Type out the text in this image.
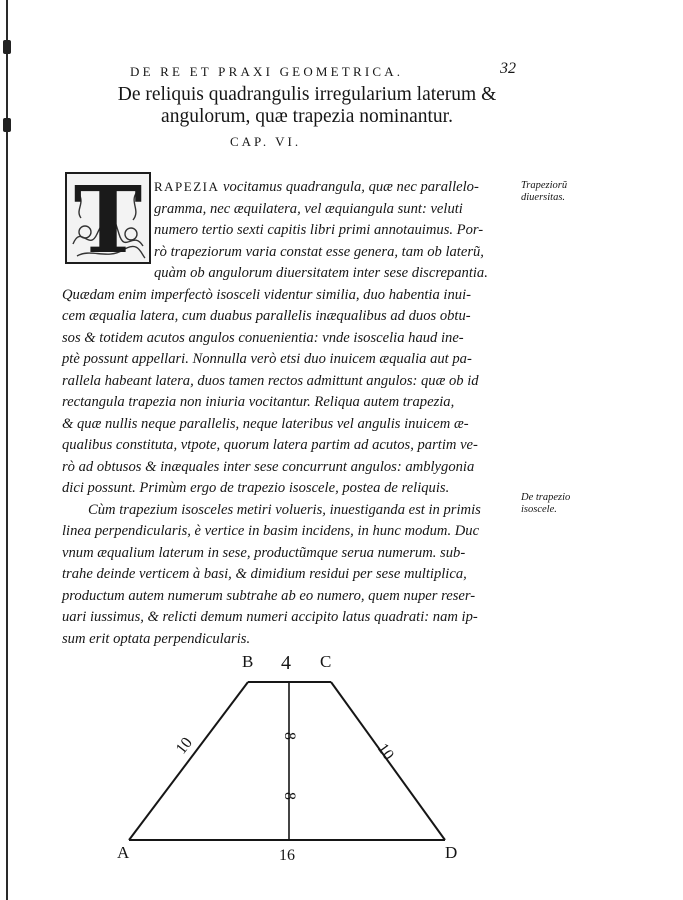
DE RE ET PRAXI GEOMETRICA.	32
De reliquis quadrangulis irregularium laterum & angulorum, quæ trapezia nominantur.
CAP. VI.
T RAPEZIA vocitamus quadrangula, quæ nec parallelo-
gramma, nec æquilatera, vel æquiangula sunt: veluti
numero tertio sexti capitis libri primi annotauimus. Por-
rò trapeziorum varia constat esse genera, tam ob laterũ,
quàm ob angulorum diuersitatem inter sese discrepantia.
Quædam enim imperfectò isosceli videntur similia, duo habentia inui-
cem æqualia latera, cum duabus parallelis inæqualibus ad duos obtu-
sos & totidem acutos angulos conuenientia: vnde isoscelia haud ine-
ptè possunt appellari. Nonnulla verò etsi duo inuicem æqualia aut pa-
rallela habeant latera, duos tamen rectos admittunt angulos: quæ ob id
rectangula trapezia non iniuria vocitantur. Reliqua autem trapezia,
& quæ nullis neque parallelis, neque lateribus vel angulis inuicem æ-
qualibus constituta, vtpote, quorum latera partim ad acutos, partim ve-
rò ad obtusos & inæquales inter sese concurrunt angulos: amblygonia
dici possunt. Primùm ergo de trapezio isoscele, postea de reliquis.
Cùm trapezium isosceles metiri volueris, inuestiganda est in primis
linea perpendicularis, è vertice in basim incidens, in hunc modum. Duc
vnum æqualium laterum in sese, productũmque serua numerum. sub-
trahe deinde verticem à basi, & dimidium residui per sese multiplica,
productum autem numerum subtrahe ab eo numero, quem nuper reser-
uari iussimus, & relicti demum numeri accipito latus quadrati: nam ip-
sum erit optata perpendicularis.
Trapeziorũ diuersitas.
De trapezio isoscele.
B	C
A	D
4
16
10	10
8
8
